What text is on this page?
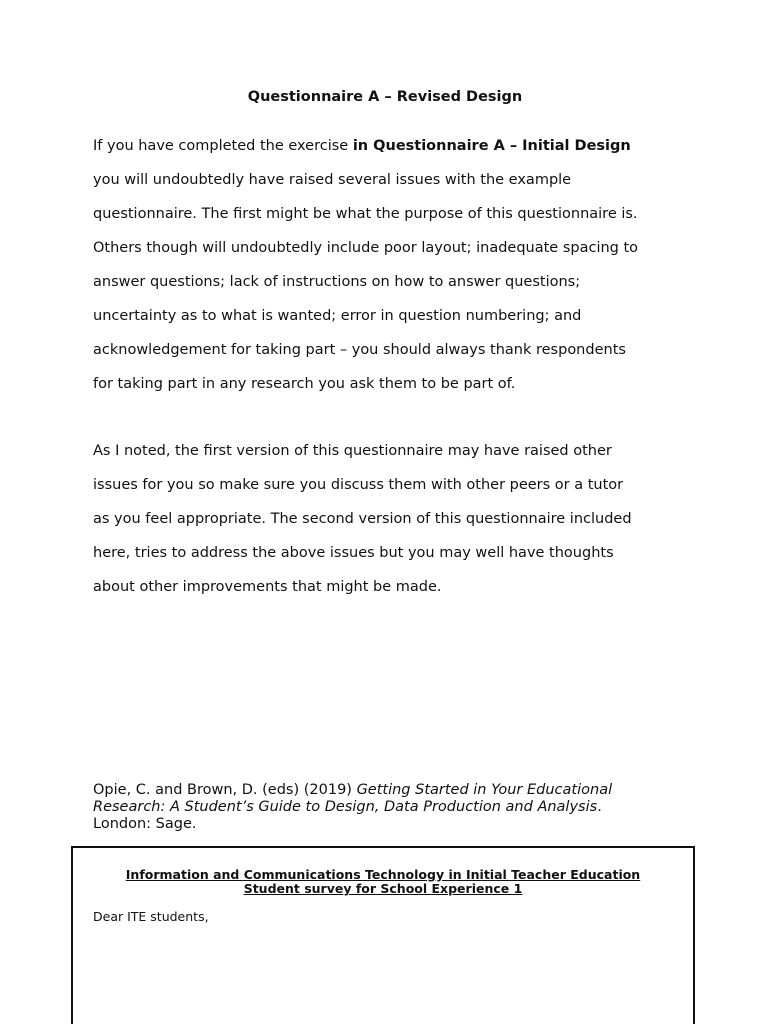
Questionnaire A – Revised Design
If you have completed the exercise in Questionnaire A – Initial Design
you will undoubtedly have raised several issues with the example
questionnaire. The first might be what the purpose of this questionnaire is.
Others though will undoubtedly include poor layout; inadequate spacing to
answer questions; lack of instructions on how to answer questions;
uncertainty as to what is wanted; error in question numbering; and
acknowledgement for taking part – you should always thank respondents
for taking part in any research you ask them to be part of.
As I noted, the first version of this questionnaire may have raised other
issues for you so make sure you discuss them with other peers or a tutor
as you feel appropriate. The second version of this questionnaire included
here, tries to address the above issues but you may well have thoughts
about other improvements that might be made.
Opie, C. and Brown, D. (eds) (2019) Getting Started in Your Educational
Research: A Student’s Guide to Design, Data Production and Analysis.
London: Sage.
Information and Communications Technology in Initial Teacher Education
Student survey for School Experience 1
Dear ITE students,
